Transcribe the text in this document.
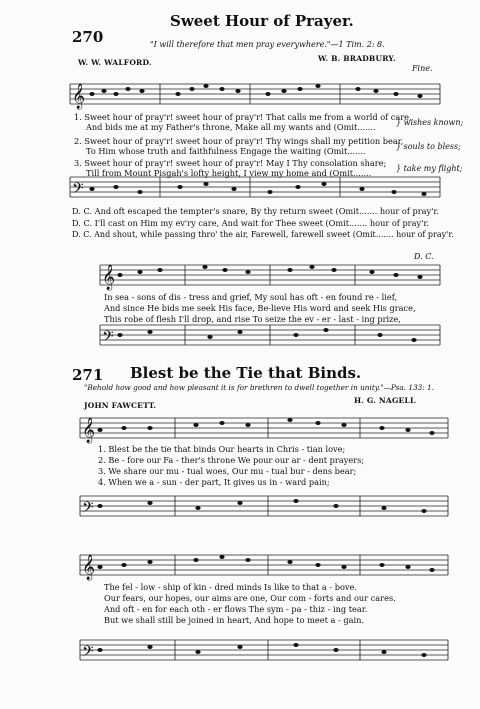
𝄞
𝄢
𝄞
𝄢
𝄞
𝄢
𝄞
𝄢
270
Sweet Hour of Prayer.
"I will therefore that men pray everywhere."—1 Tim. 2: 8.
W. W. WALFORD.	W. B. BRADBURY.
Fine.
1. Sweet hour of pray'r! sweet hour of pray'r! That calls me from a world of care,
And bids me at my Father's throne, Make all my wants and (Omit.......
2. Sweet hour of pray'r! sweet hour of pray'r! Thy wings shall my petition bear,
To Him whose truth and faithfulness Engage the waiting (Omit.......
3. Sweet hour of pray'r! sweet hour of pray'r! May I Thy consolation share;
Till from Mount Pisgah's lofty height, I view my home and (Omit.......
} wishes known;
} souls to bless;
} take my flight;
D. C. And oft escaped the tempter's snare, By thy return sweet (Omit....... hour of pray'r.
D. C. I'll cast on Him my ev'ry care, And wait for Thee sweet (Omit....... hour of pray'r.
D. C. And shout, while passing thro' the air, Farewell, farewell sweet (Omit....... hour of pray'r.
D. C.
In sea - sons of dis - tress and grief, My soul has oft - en found re - lief,
And since He bids me seek His face, Be-lieve His word and seek His grace,
This robe of flesh I'll drop, and rise To seize the ev - er - last - ing prize,
271 Blest be the Tie that Binds.
"Behold how good and how pleasant it is for brethren to dwell together in unity."—Psa. 133: 1.
JOHN FAWCETT.
H. G. NAGELI.
1. Blest be the tie that binds Our hearts in Chris - tian love;
2. Be - fore our Fa - ther's throne We pour our ar - dent prayers;
3. We share our mu - tual woes, Our mu - tual bur - dens bear;
4. When we a - sun - der part, It gives us in - ward pain;
The fel - low - ship of kin - dred minds Is like to that a - bove.
Our fears, our hopes, our aims are one, Our com - forts and our cares.
And oft - en for each oth - er flows The sym - pa - thiz - ing tear.
But we shall still be joined in heart, And hope to meet a - gain.
